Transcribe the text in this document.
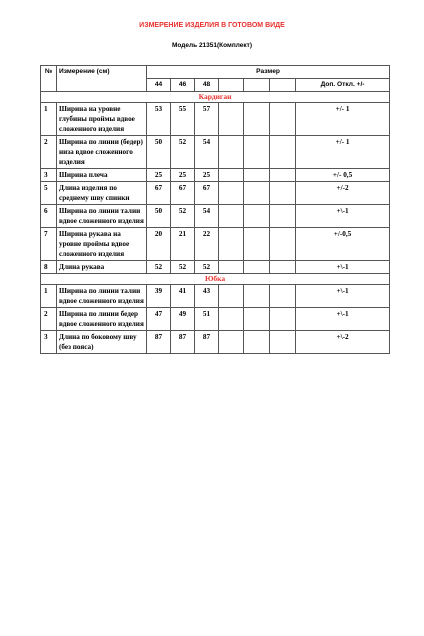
ИЗМЕРЕНИЕ ИЗДЕЛИЯ В ГОТОВОМ ВИДЕ
Модель 21351(Комплект)
№	Измерение (см)	Размер						
		44	46	48				Доп. Откл. +/-
Кардиган								
1	Ширина на уровне глубины проймы вдвое сложенного изделия	53	55	57				+/- 1
2	Ширина по линии (бедер) низа вдвое сложенного изделия	50	52	54				+/- 1
3	Ширина плеча	25	25	25				+/- 0,5
5	Длина изделия по среднему шву спинки	67	67	67				+/-2
6	Ширина по линии талии вдвое сложенного изделия	50	52	54				+\-1
7	Ширина рукава на уровне проймы вдвое сложенного изделия	20	21	22				+/-0,5
8	Длина рукава	52	52	52				+\-1
Юбка								
1	Ширина по линии талии вдвое сложенного изделия	39	41	43				+\-1
2	Ширина по линии бедер вдвое сложенного изделия	47	49	51				+\-1
3	Длина по боковому шву (без пояса)	87	87	87				+\-2
